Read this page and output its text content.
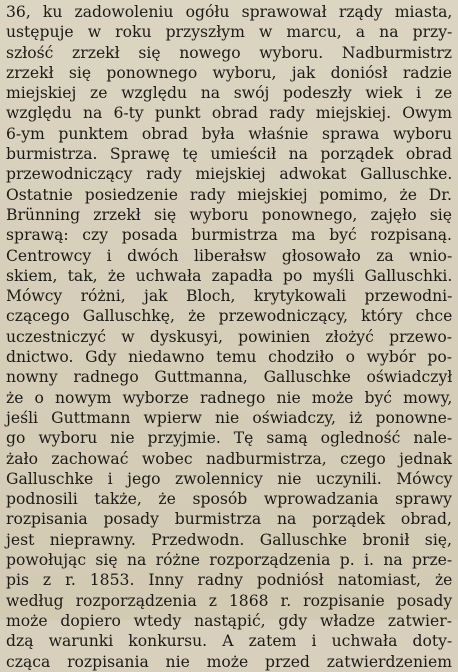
36, ku zadowoleniu ogółu sprawował rządy miasta,
ustępuje w roku przyszłym w marcu, a na przy-
szłość zrzekł się nowego wyboru. Nadburmistrz
zrzekł się ponownego wyboru, jak doniósł radzie
miejskiej ze względu na swój podeszły wiek i ze
względu na 6-ty punkt obrad rady miejskiej. Owym
6-ym punktem obrad była właśnie sprawa wyboru
burmistrza. Sprawę tę umieścił na porządek obrad
przewodniczący rady miejskiej adwokat Galluschke.
Ostatnie posiedzenie rady miejskiej pomimo, że Dr.
Brünning zrzekł się wyboru ponownego, zajęło się
sprawą: czy posada burmistrza ma być rozpisaną.
Centrowcy i dwóch liberałsw głosowało za wnio-
skiem, tak, że uchwała zapadła po myśli Galluschki.
Mówcy różni, jak Bloch, krytykowali przewodni-
czącego Galluschkę, że przewodniczący, który chce
uczestniczyć w dyskusyi, powinien złożyć przewo-
dnictwo. Gdy niedawno temu chodziło o wybór po-
nowny radnego Guttmanna, Galluschke oświadczył
że o nowym wyborze radnego nie może być mowy,
jeśli Guttmann wpierw nie oświadczy, iż ponowne-
go wyboru nie przyjmie. Tę samą ogledność nale-
żało zachować wobec nadburmistrza, czego jednak
Galluschke i jego zwolennicy nie uczynili. Mówcy
podnosili także, że sposób wprowadzania sprawy
rozpisania posady burmistrza na porządek obrad,
jest nieprawny. Przedwodn. Galluschke bronił się,
powołując się na różne rozporządzenia p. i. na prze-
pis z r. 1853. Inny radny podniósł natomiast, że
według rozporządzenia z 1868 r. rozpisanie posady
może dopiero wtedy nastąpić, gdy władze zatwier-
dzą warunki konkursu. A zatem i uchwała doty-
cząca rozpisania nie może przed zatwierdzeniem
